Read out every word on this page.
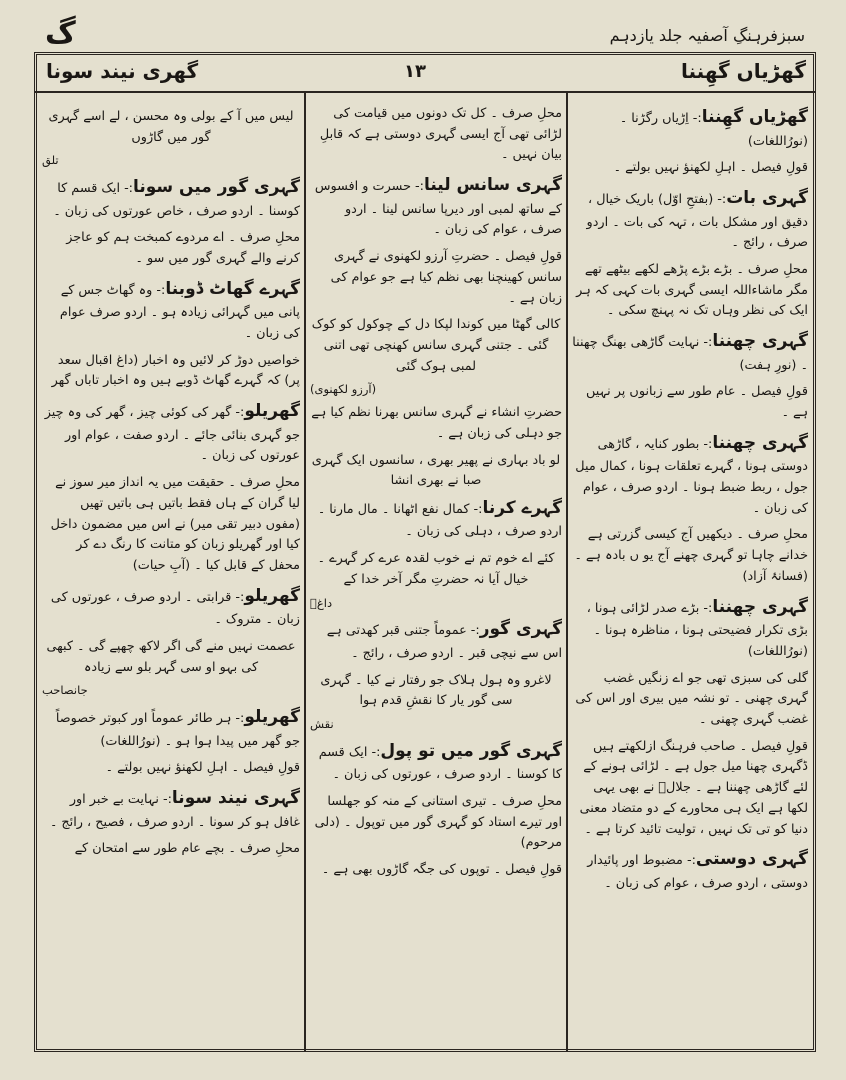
سبزفرہنگِ آصفیہ جلد یازدہم
گ
گھڑیاں گھِننا
١٣
گھری نیند سونا
گھڑیاں گھِننا:- اِڑیاں رگڑنا ۔ (نورُاللغات)
قولِ فیصل ۔ اہلِ لکھنؤ نہیں بولتے ۔
گہری بات:- (بفتحِ اوّل) باریک خیال ، دقیق اور مشکل بات ، تہہ کی بات ۔ اردو صرف ، رائج ۔
محلِ صرف ۔ بڑے بڑے پڑھے لکھے بیٹھے تھے مگر ماشاءاللہ ایسی گہری بات کہی کہ ہر ایک کی نظر وہاں تک نہ پہنچ سکی ۔
گہری چھننا:- نہایت گاڑھی بھنگ چھننا ۔ (نورِ ہفت)
قولِ فیصل ۔ عام طور سے زبانوں پر نہیں ہے ۔
گہری چھننا:- بطور کنایہ ، گاڑھی دوستی ہونا ، گہرے تعلقات ہونا ، کمال میل جول ، ربط ضبط ہونا ۔ اردو صرف ، عوام کی زبان ۔
محلِ صرف ۔ دیکھیں آج کیسی گزرتی ہے خدانے چاہا تو گہری چھنے آج یو ں بادہ ہے ۔ (فسانۂ آزاد)
گہری چھننا:- بڑے صدر لڑائی ہونا ، بڑی تکرار فضیحتی ہونا ، مناظرہ ہونا ۔ (نورُاللغات)
گلی کی سبزی تھی جو اے زنگیں غضب گہری چھنی ۔ تو نشہ میں بیری اور اس کی غضب گہری چھنی ۔
قولِ فیصل ۔ صاحب فرہنگ ازلکھتے ہیں ڈگہری چھنا میل جول ہے ۔ لڑائی ہونے کے لئے گاڑھی چھننا ہے ۔ جلالؔ نے بھی یہی لکھا ہے ایک ہی محاورے کے دو متضاد معنی دنیا کو تی تک نہیں ، تولیت تائید کرتا ہے ۔
گہری دوستی:- مضبوط اور پائیدار دوستی ، اردو صرف ، عوام کی زبان ۔
محلِ صرف ۔ کل تک دونوں میں قیامت کی لڑائی تھی آج ایسی گہری دوستی ہے کہ قابلِ بیان نہیں ۔
گہری سانس لینا:- حسرت و افسوس کے ساتھ لمبی اور دیرپا سانس لینا ۔ اردو صرف ، عوام کی زبان ۔
قولِ فیصل ۔ حضرتِ آرزو لکھنوی نے گہری سانس کھینچنا بھی نظم کیا ہے جو عوام کی زبان ہے ۔
کالی گھٹا میں کوندا لپکا دل کے چوکول کو کوک گئی ۔ جتنی گہری سانس کھنچی تھی اتنی لمبی ہوک گئی
(آرزو لکھنوی)
حضرتِ انشاء نے گہری سانس بھرنا نظم کیا ہے جو دہلی کی زبان ہے ۔
لو باد بہاری نے پھیر بھری ، سانسوں ایک گہری صبا نے بھری انشا
گہرے کرنا:- کمال نفع اٹھانا ۔ مال مارنا ۔ اردو صرف ، دہلی کی زبان ۔
کئے اے خوم تم نے خوب لقدہ عرے کر گہرے ۔ خیال آیا نہ حضرتِ مگر آخر خدا کے
داغؔ
گہری گور:- عموماً جتنی قبر کھدتی ہے اس سے نیچی قبر ۔ اردو صرف ، رائج ۔
لاغرو وہ ہول ہلاک جو رفتار نے کیا ۔ گہری سی گور یار کا نقشِ قدم ہوا
نقش
گہری گور میں تو پول:- ایک قسم کا کوسنا ۔ اردو صرف ، عورتوں کی زبان ۔
محلِ صرف ۔ تیری استانی کے منہ کو جھلسا اور تیرے استاد کو گہری گور میں توپول ۔ (دلی مرحوم)
قولِ فیصل ۔ توپوں کی جگہ گاڑوں بھی ہے ۔
لیس میں آ کے بولی وہ محسن ، لے اسے گہری گور میں گاڑوں
تلق
گہری گور میں سونا:- ایک قسم کا کوسنا ۔ اردو صرف ، خاص عورتوں کی زبان ۔
محلِ صرف ۔ اے مردوے کمبخت ہم کو عاجز کرنے والے گہری گور میں سو ۔
گہرے گھاٹ ڈوبنا:- وہ گھاٹ جس کے پانی میں گہرائی زیادہ ہو ۔ اردو صرف عوام کی زبان ۔
خواصیں دوڑ کر لائیں وہ اخبار (داغ اقبال سعد پر) کہ گہرے گھاٹ ڈوبے ہیں وہ اخبار تاباں گھر
گھریلو:- گھر کی کوئی چیز ، گھر کی وہ چیز جو گہری بنائی جائے ۔ اردو صفت ، عوام اور عورتوں کی زبان ۔
محلِ صرف ۔ حقیقت میں یہ انداز میر سوز نے لیا گران کے ہاں فقط باتیں ہی باتیں تھیں (مفوں دبیر تقی میر) نے اس میں مضمون داخل کیا اور گھریلو زبان کو متانت کا رنگ دے کر محفل کے قابل کیا ۔ (آبِ حیات)
گھریلو:- قرابتی ۔ اردو صرف ، عورتوں کی زبان ۔ متروک ۔
عصمت نہیں منے گی اگر لاکھ چھپے گی ۔ کبھی کی بہو او سی گہر بلو سے زیادہ
جانصاحب
گھریلو:- ہر طائر عموماً اور کبوتر خصوصاً جو گھر میں پیدا ہوا ہو ۔ (نورُاللغات)
قولِ فیصل ۔ اہلِ لکھنؤ نہیں بولتے ۔
گہری نیند سونا:- نہایت بے خبر اور غافل ہو کر سونا ۔ اردو صرف ، فصیح ، رائج ۔
محلِ صرف ۔ بچے عام طور سے امتحان کے
